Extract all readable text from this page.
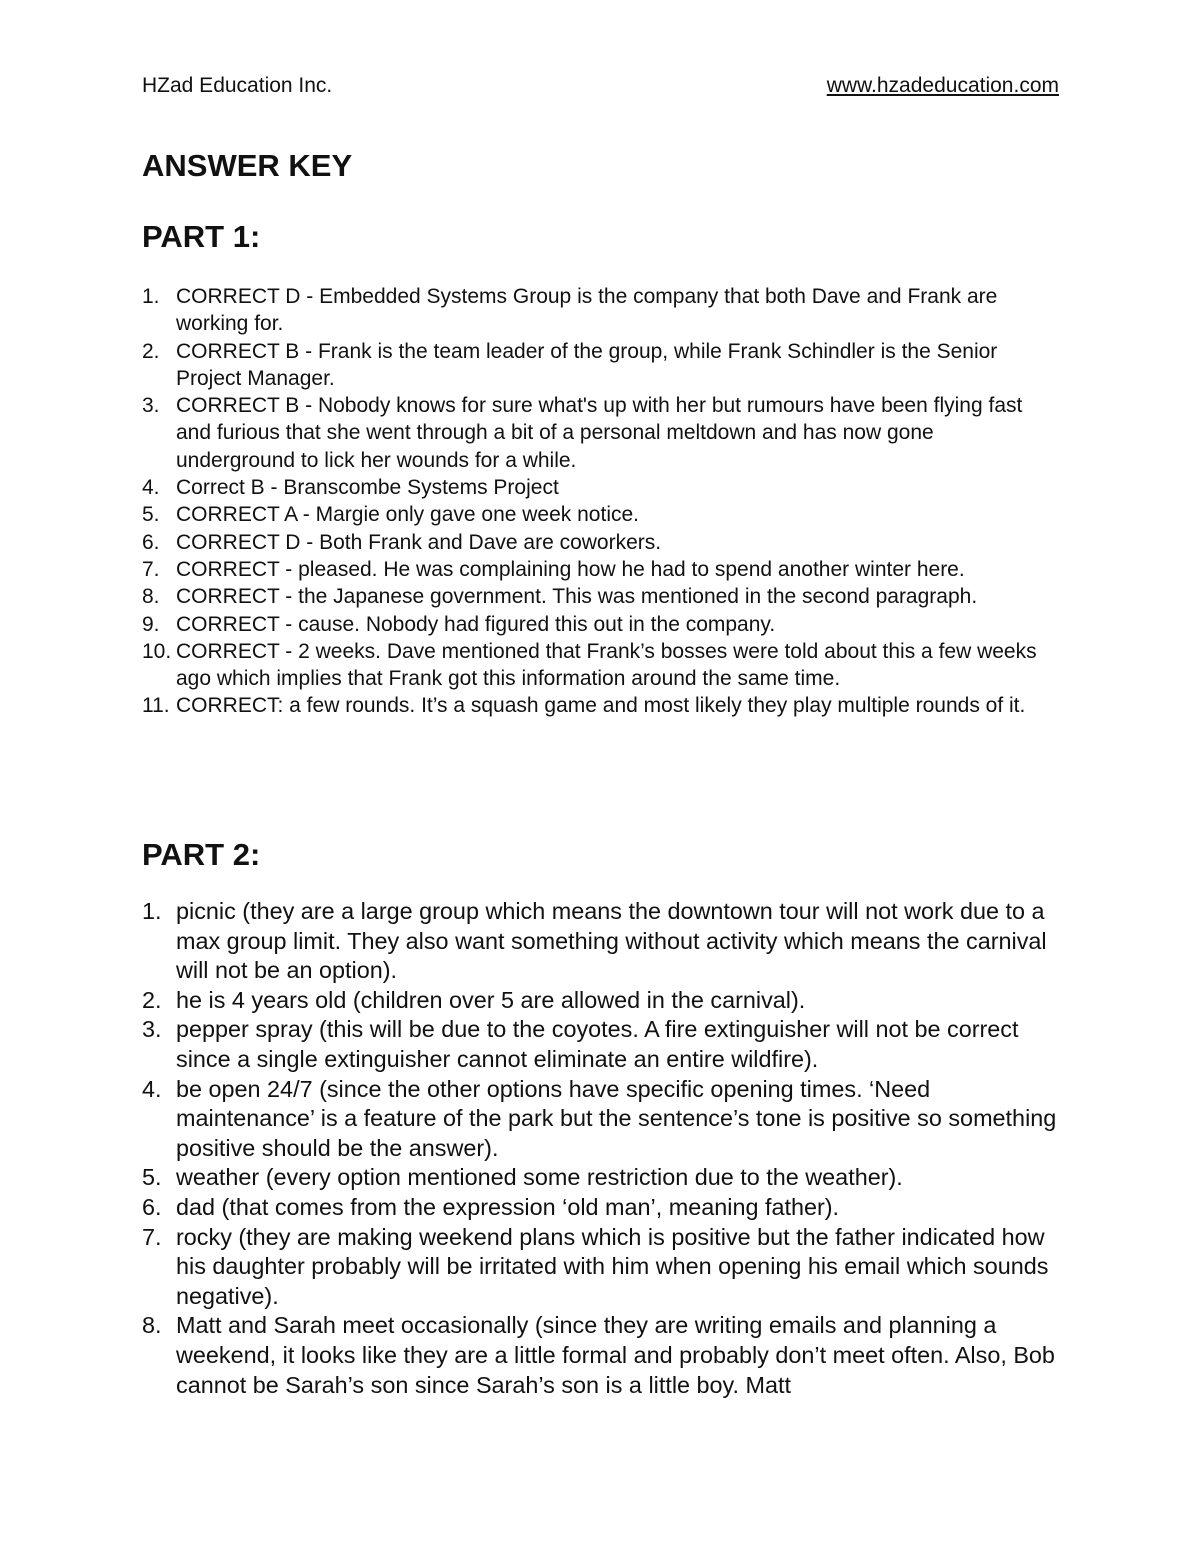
HZad Education Inc.	www.hzadeducation.com
ANSWER KEY
PART 1:
1. CORRECT D - Embedded Systems Group is the company that both Dave and Frank are working for.
2. CORRECT B - Frank is the team leader of the group, while Frank Schindler is the Senior Project Manager.
3. CORRECT B - Nobody knows for sure what's up with her but rumours have been flying fast and furious that she went through a bit of a personal meltdown and has now gone underground to lick her wounds for a while.
4. Correct B - Branscombe Systems Project
5. CORRECT A - Margie only gave one week notice.
6. CORRECT D - Both Frank and Dave are coworkers.
7. CORRECT - pleased. He was complaining how he had to spend another winter here.
8. CORRECT - the Japanese government. This was mentioned in the second paragraph.
9. CORRECT - cause. Nobody had figured this out in the company.
10. CORRECT - 2 weeks. Dave mentioned that Frank’s bosses were told about this a few weeks ago which implies that Frank got this information around the same time.
11. CORRECT: a few rounds. It’s a squash game and most likely they play multiple rounds of it.
PART 2:
1. picnic (they are a large group which means the downtown tour will not work due to a max group limit. They also want something without activity which means the carnival will not be an option).
2. he is 4 years old (children over 5 are allowed in the carnival).
3. pepper spray (this will be due to the coyotes. A fire extinguisher will not be correct since a single extinguisher cannot eliminate an entire wildfire).
4. be open 24/7 (since the other options have specific opening times. ‘Need maintenance’ is a feature of the park but the sentence’s tone is positive so something positive should be the answer).
5. weather (every option mentioned some restriction due to the weather).
6. dad (that comes from the expression ‘old man’, meaning father).
7. rocky (they are making weekend plans which is positive but the father indicated how his daughter probably will be irritated with him when opening his email which sounds negative).
8. Matt and Sarah meet occasionally (since they are writing emails and planning a weekend, it looks like they are a little formal and probably don’t meet often. Also, Bob cannot be Sarah’s son since Sarah’s son is a little boy. Matt
